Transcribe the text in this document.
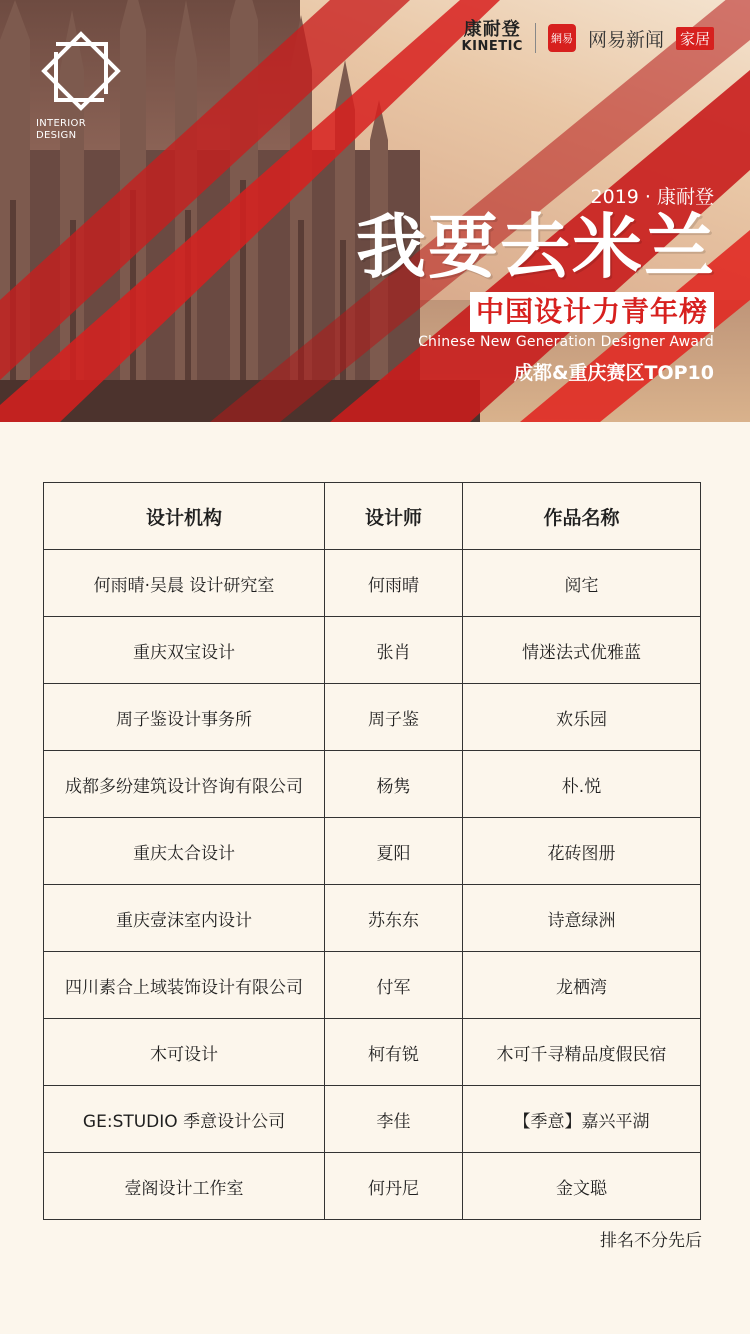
INTERIOR
DESIGN
康耐登
KINETIC
網易 网易新闻 家居
2019 · 康耐登
我要去米兰
中国设计力青年榜
Chinese New Generation Designer Award
成都&重庆赛区TOP10
设计机构	设计师	作品名称
何雨晴·吴晨 设计研究室	何雨晴	阅宅
重庆双宝设计	张肖	情迷法式优雅蓝
周子鉴设计事务所	周子鉴	欢乐园
成都多纷建筑设计咨询有限公司	杨隽	朴.悦
重庆太合设计	夏阳	花砖图册
重庆壹沫室内设计	苏东东	诗意绿洲
四川素合上域装饰设计有限公司	付军	龙栖湾
木可设计	柯有锐	木可千寻精品度假民宿
GE:STUDIO 季意设计公司	李佳	【季意】嘉兴平湖
壹阁设计工作室	何丹尼	金文聪
排名不分先后
